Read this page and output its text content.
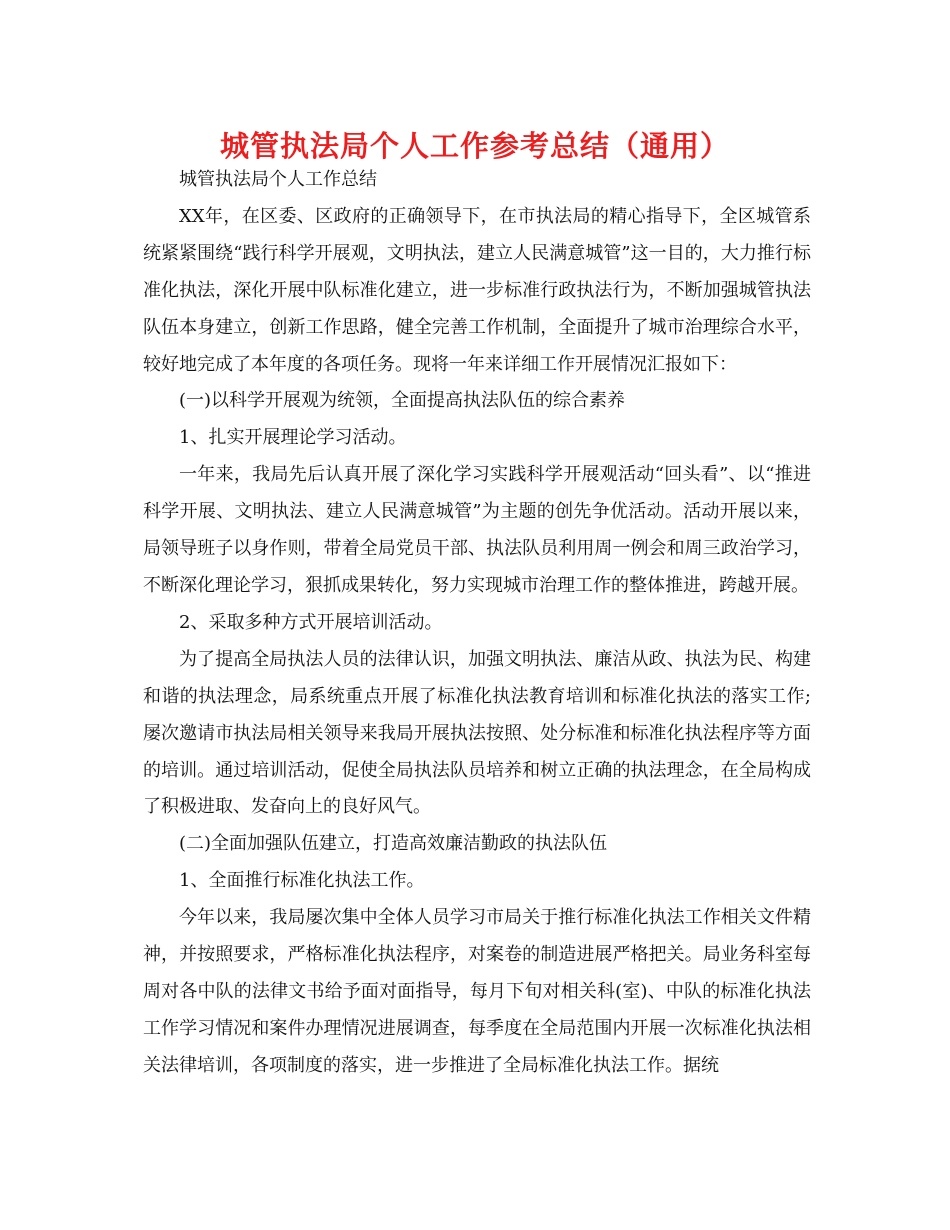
城管执法局个人工作参考总结（通用）

城管执法局个人工作总结

XX年，在区委、区政府的正确领导下，在市执法局的精心指导下，全区城管系统紧紧围绕“践行科学开展观，文明执法，建立人民满意城管”这一目的，大力推行标准化执法，深化开展中队标准化建立，进一步标准行政执法行为，不断加强城管执法队伍本身建立，创新工作思路，健全完善工作机制，全面提升了城市治理综合水平，较好地完成了本年度的各项任务。现将一年来详细工作开展情况汇报如下：

(一)以科学开展观为统领，全面提高执法队伍的综合素养

1、扎实开展理论学习活动。

一年来，我局先后认真开展了深化学习实践科学开展观活动“回头看”、以“推进科学开展、文明执法、建立人民满意城管”为主题的创先争优活动。活动开展以来，局领导班子以身作则，带着全局党员干部、执法队员利用周一例会和周三政治学习，不断深化理论学习，狠抓成果转化，努力实现城市治理工作的整体推进，跨越开展。

2、采取多种方式开展培训活动。

为了提高全局执法人员的法律认识，加强文明执法、廉洁从政、执法为民、构建和谐的执法理念，局系统重点开展了标准化执法教育培训和标准化执法的落实工作;屡次邀请市执法局相关领导来我局开展执法按照、处分标准和标准化执法程序等方面的培训。通过培训活动，促使全局执法队员培养和树立正确的执法理念，在全局构成了积极进取、发奋向上的良好风气。

(二)全面加强队伍建立，打造高效廉洁勤政的执法队伍

1、全面推行标准化执法工作。

今年以来，我局屡次集中全体人员学习市局关于推行标准化执法工作相关文件精神，并按照要求，严格标准化执法程序，对案卷的制造进展严格把关。局业务科室每周对各中队的法律文书给予面对面指导，每月下旬对相关科(室)、中队的标准化执法工作学习情况和案件办理情况进展调查，每季度在全局范围内开展一次标准化执法相关法律培训，各项制度的落实，进一步推进了全局标准化执法工作。据统
